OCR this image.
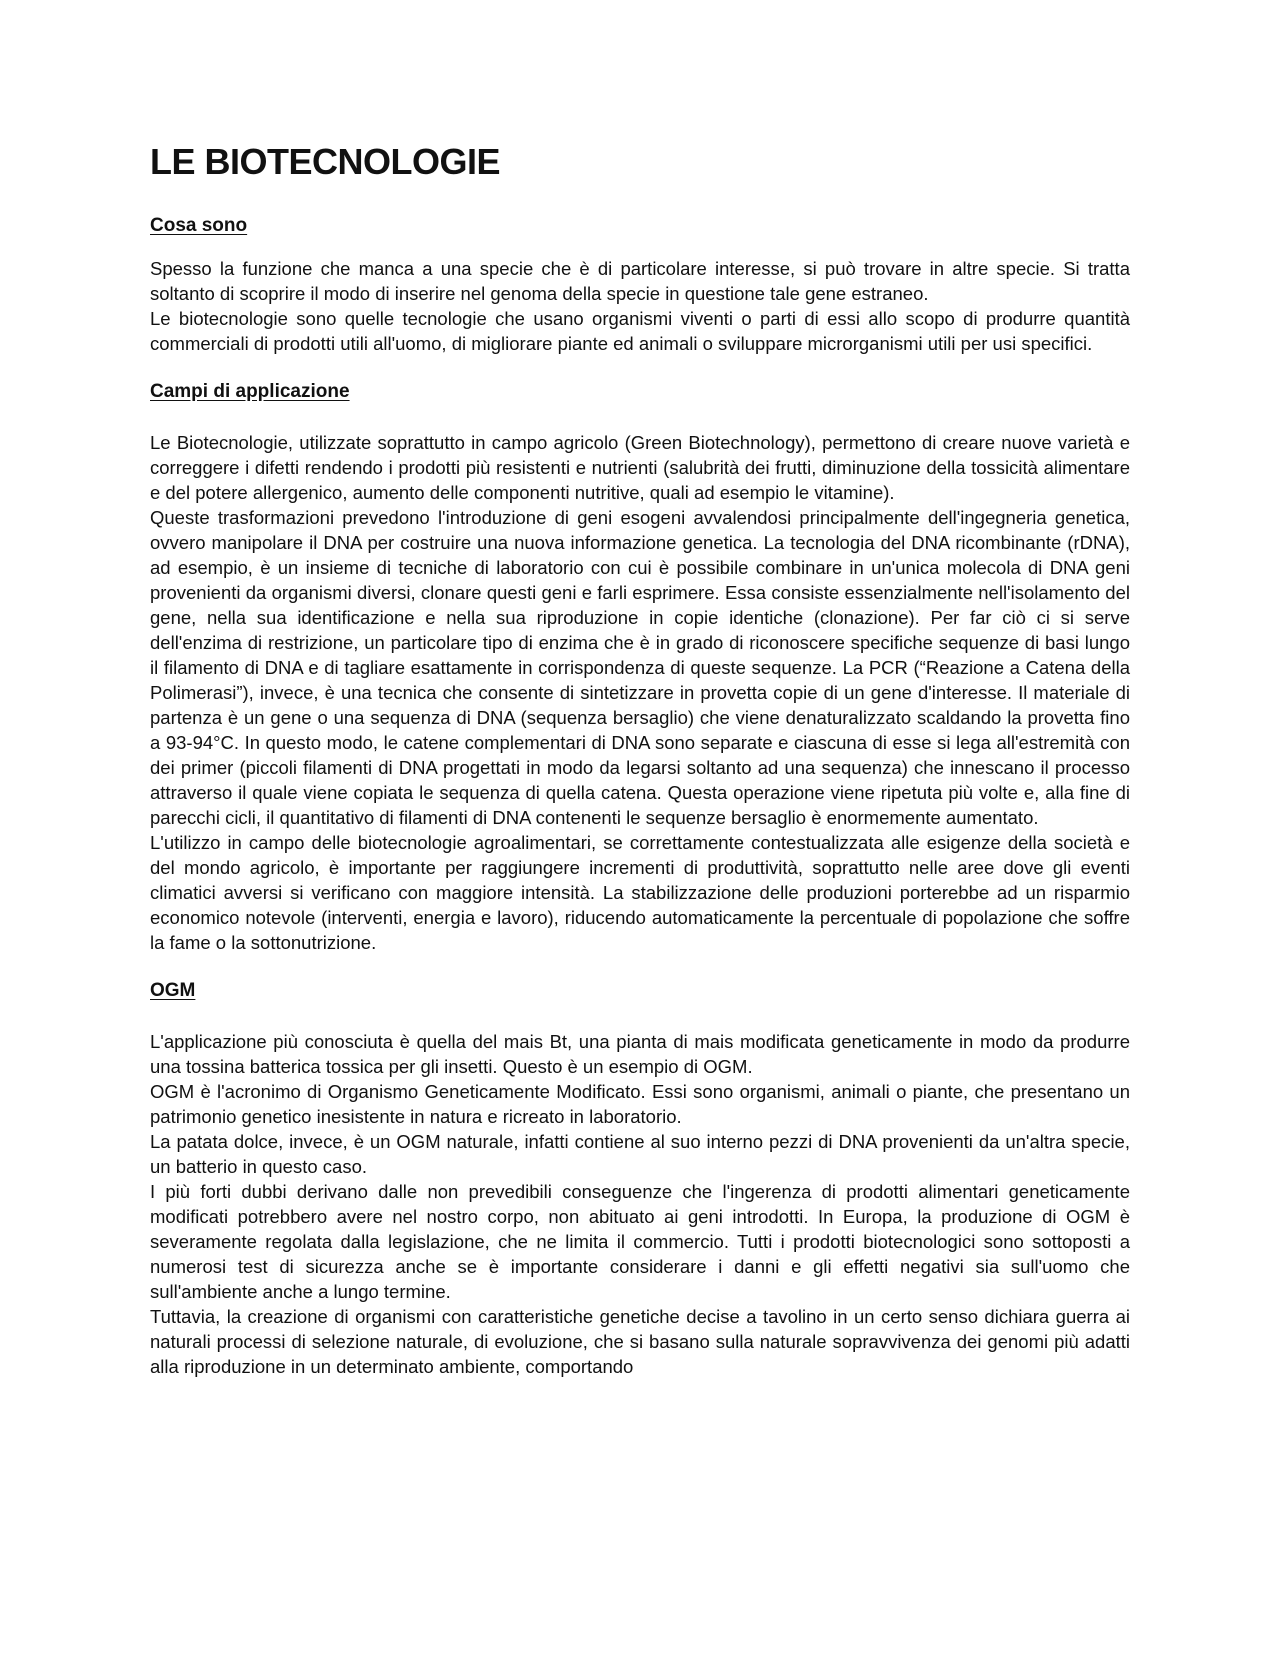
LE BIOTECNOLOGIE
Cosa sono

Spesso la funzione che manca a una specie che è di particolare interesse, si può trovare in altre specie. Si tratta soltanto di scoprire il modo di inserire nel genoma della specie in questione tale gene estraneo.

Le biotecnologie sono quelle tecnologie che usano organismi viventi o parti di essi allo scopo di produrre quantità commerciali di prodotti utili all'uomo, di migliorare piante ed animali o sviluppare microrganismi utili per usi specifici.

Campi di applicazione

Le Biotecnologie, utilizzate soprattutto in campo agricolo (Green Biotechnology), permettono di creare nuove varietà e correggere i difetti rendendo i prodotti più resistenti e nutrienti (salubrità dei frutti, diminuzione della tossicità alimentare e del potere allergenico, aumento delle componenti nutritive, quali ad esempio le vitamine).

Queste trasformazioni prevedono l'introduzione di geni esogeni avvalendosi principalmente dell'ingegneria genetica, ovvero manipolare il DNA per costruire una nuova informazione genetica. La tecnologia del DNA ricombinante (rDNA), ad esempio, è un insieme di tecniche di laboratorio con cui è possibile combinare in un'unica molecola di DNA geni provenienti da organismi diversi, clonare questi geni e farli esprimere. Essa consiste essenzialmente nell'isolamento del gene, nella sua identificazione e nella sua riproduzione in copie identiche (clonazione). Per far ciò ci si serve dell'enzima di restrizione, un particolare tipo di enzima che è in grado di riconoscere specifiche sequenze di basi lungo il filamento di DNA e di tagliare esattamente in corrispondenza di queste sequenze. La PCR (“Reazione a Catena della Polimerasi”), invece, è una tecnica che consente di sintetizzare in provetta copie di un gene d'interesse. Il materiale di partenza è un gene o una sequenza di DNA (sequenza bersaglio) che viene denaturalizzato scaldando la provetta fino a 93-94°C. In questo modo, le catene complementari di DNA sono separate e ciascuna di esse si lega all'estremità con dei primer (piccoli filamenti di DNA progettati in modo da legarsi soltanto ad una sequenza) che innescano il processo attraverso il quale viene copiata le sequenza di quella catena. Questa operazione viene ripetuta più volte e, alla fine di parecchi cicli, il quantitativo di filamenti di DNA contenenti le sequenze bersaglio è enormemente aumentato.

L'utilizzo in campo delle biotecnologie agroalimentari, se correttamente contestualizzata alle esigenze della società e del mondo agricolo, è importante per raggiungere incrementi di produttività, soprattutto nelle aree dove gli eventi climatici avversi si verificano con maggiore intensità. La stabilizzazione delle produzioni porterebbe ad un risparmio economico notevole (interventi, energia e lavoro), riducendo automaticamente la percentuale di popolazione che soffre la fame o la sottonutrizione.

OGM

L'applicazione più conosciuta è quella del mais Bt, una pianta di mais modificata geneticamente in modo da produrre una tossina batterica tossica per gli insetti. Questo è un esempio di OGM.

OGM è l'acronimo di Organismo Geneticamente Modificato. Essi sono organismi, animali o piante, che presentano un patrimonio genetico inesistente in natura e ricreato in laboratorio.

La patata dolce, invece, è un OGM naturale, infatti contiene al suo interno pezzi di DNA provenienti da un'altra specie, un batterio in questo caso.

I più forti dubbi derivano dalle non prevedibili conseguenze che l'ingerenza di prodotti alimentari geneticamente modificati potrebbero avere nel nostro corpo, non abituato ai geni introdotti. In Europa, la produzione di OGM è severamente regolata dalla legislazione, che ne limita il commercio. Tutti i prodotti biotecnologici sono sottoposti a numerosi test di sicurezza anche se è importante considerare i danni e gli effetti negativi sia sull'uomo che sull'ambiente anche a lungo termine.

Tuttavia, la creazione di organismi con caratteristiche genetiche decise a tavolino in un certo senso dichiara guerra ai naturali processi di selezione naturale, di evoluzione, che si basano sulla naturale sopravvivenza dei genomi più adatti alla riproduzione in un determinato ambiente, comportando
